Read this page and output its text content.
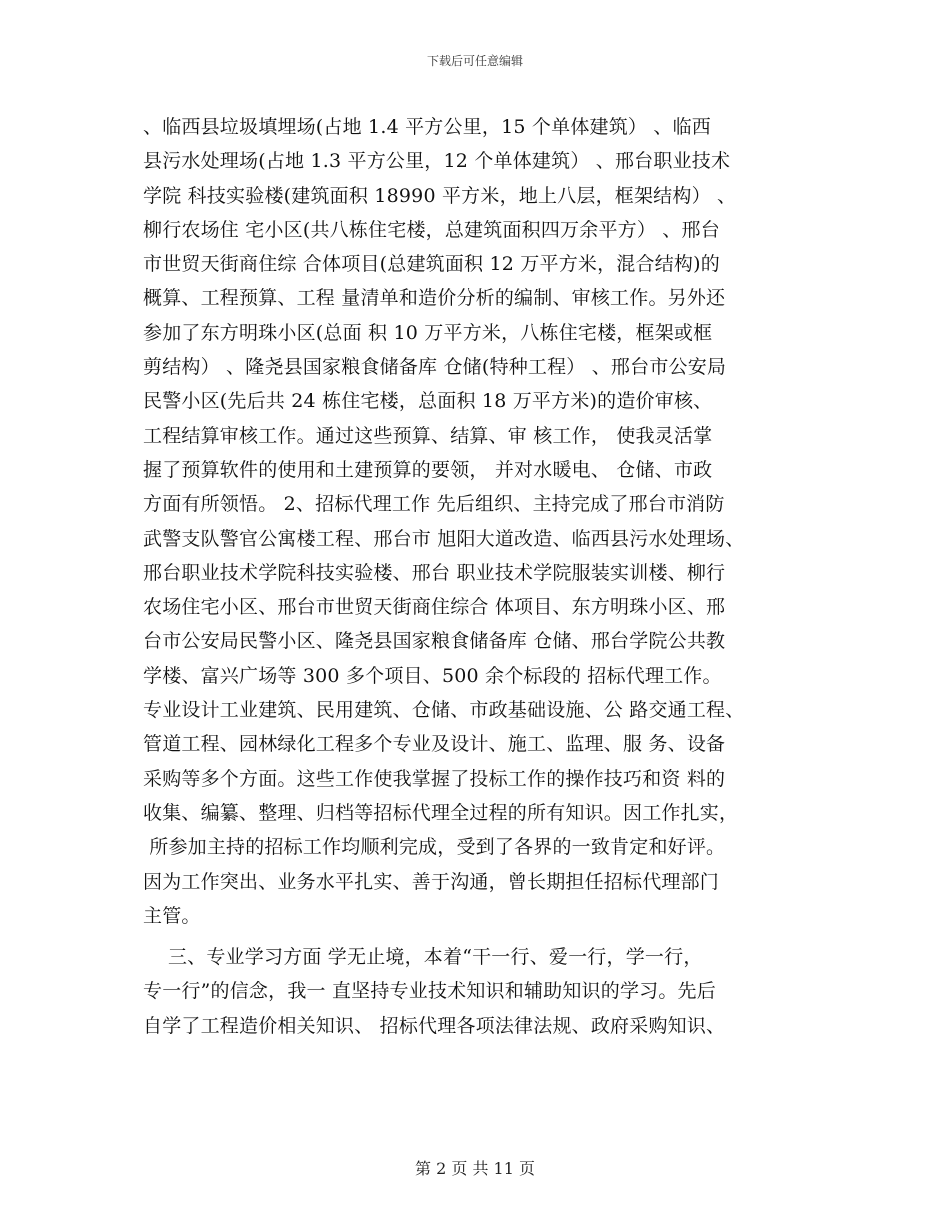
下载后可任意编辑
、临西县垃圾填埋场(占地 1.4 平方公里，15 个单体建筑） 、临西
县污水处理场(占地 1.3 平方公里，12 个单体建筑） 、邢台职业技术
学院 科技实验楼(建筑面积 18990 平方米，地上八层，框架结构） 、
柳行农场住 宅小区(共八栋住宅楼，总建筑面积四万余平方） 、邢台
市世贸天街商住综 合体项目(总建筑面积 12 万平方米，混合结构)的
概算、工程预算、工程 量清单和造价分析的编制、审核工作。另外还
参加了东方明珠小区(总面 积 10 万平方米，八栋住宅楼，框架或框
剪结构） 、隆尧县国家粮食储备库 仓储(特种工程） 、邢台市公安局
民警小区(先后共 24 栋住宅楼，总面积 18 万平方米)的造价审核、
工程结算审核工作。通过这些预算、结算、审 核工作， 使我灵活掌
握了预算软件的使用和土建预算的要领， 并对水暖电、 仓储、市政
方面有所领悟。 2、招标代理工作 先后组织、主持完成了邢台市消防
武警支队警官公寓楼工程、邢台市 旭阳大道改造、临西县污水处理场、
邢台职业技术学院科技实验楼、邢台 职业技术学院服装实训楼、柳行
农场住宅小区、邢台市世贸天街商住综合 体项目、东方明珠小区、邢
台市公安局民警小区、隆尧县国家粮食储备库 仓储、邢台学院公共教
学楼、富兴广场等 300 多个项目、500 余个标段的 招标代理工作。
专业设计工业建筑、民用建筑、仓储、市政基础设施、公 路交通工程、
管道工程、园林绿化工程多个专业及设计、施工、监理、服 务、设备
采购等多个方面。这些工作使我掌握了投标工作的操作技巧和资 料的
收集、编纂、整理、归档等招标代理全过程的所有知识。因工作扎实，
所参加主持的招标工作均顺利完成，受到了各界的一致肯定和好评。
因为工作突出、业务水平扎实、善于沟通，曾长期担任招标代理部门
主管。
三、专业学习方面 学无止境，本着“干一行、爱一行，学一行，
专一行”的信念，我一 直坚持专业技术知识和辅助知识的学习。先后
自学了工程造价相关知识、 招标代理各项法律法规、政府采购知识、
第 2 页 共 11 页
